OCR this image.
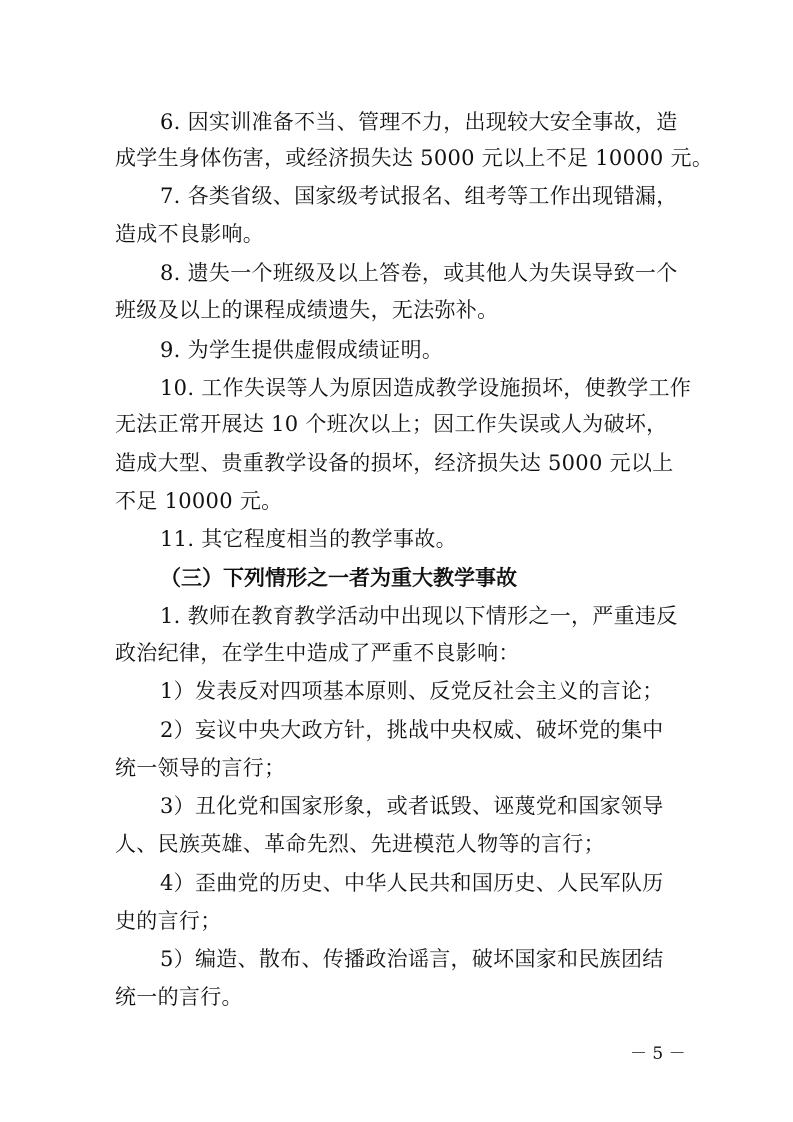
6. 因实训准备不当、管理不力，出现较大安全事故，造
成学生身体伤害，或经济损失达 5000 元以上不足 10000 元。
7. 各类省级、国家级考试报名、组考等工作出现错漏，
造成不良影响。
8. 遗失一个班级及以上答卷，或其他人为失误导致一个
班级及以上的课程成绩遗失，无法弥补。
9. 为学生提供虚假成绩证明。
10. 工作失误等人为原因造成教学设施损坏，使教学工作
无法正常开展达 10 个班次以上；因工作失误或人为破坏，
造成大型、贵重教学设备的损坏，经济损失达 5000 元以上
不足 10000 元。
11. 其它程度相当的教学事故。
（三）下列情形之一者为重大教学事故
1. 教师在教育教学活动中出现以下情形之一，严重违反
政治纪律，在学生中造成了严重不良影响：
1）发表反对四项基本原则、反党反社会主义的言论；
2）妄议中央大政方针，挑战中央权威、破坏党的集中
统一领导的言行；
3）丑化党和国家形象，或者诋毁、诬蔑党和国家领导
人、民族英雄、革命先烈、先进模范人物等的言行；
4）歪曲党的历史、中华人民共和国历史、人民军队历
史的言行；
5）编造、散布、传播政治谣言，破坏国家和民族团结
统一的言行。
－ 5 －
